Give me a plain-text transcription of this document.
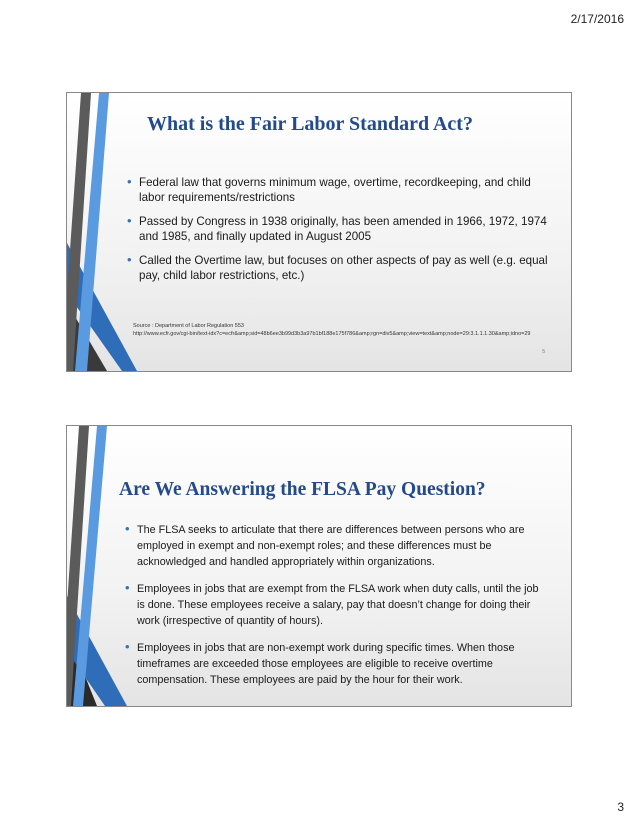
2/17/2016
What is the Fair Labor Standard Act?
• Federal law that governs minimum wage, overtime, recordkeeping, and child labor requirements/restrictions
• Passed by Congress in 1938 originally, has been amended in 1966, 1972, 1974 and 1985, and finally updated in August 2005
• Called the Overtime law, but focuses on other aspects of pay as well (e.g. equal pay, child labor restrictions, etc.)
Source : Department of Labor Regulation 553
http://www.ecfr.gov/cgi-bin/text-idx?c=ecfr&amp;sid=48b6ee3b99d3b3a97b1bf188e175f786&amp;rgn=div5&amp;view=text&amp;node=29:3.1.1.1.30&amp;idno=29
5
Are We Answering the FLSA Pay Question?
• The FLSA seeks to articulate that there are differences between persons who are employed in exempt and non-exempt roles; and these differences must be acknowledged and handled appropriately within organizations.
• Employees in jobs that are exempt from the FLSA work when duty calls, until the job is done. These employees receive a salary, pay that doesn’t change for doing their work (irrespective of quantity of hours).
• Employees in jobs that are non-exempt work during specific times. When those timeframes are exceeded those employees are eligible to receive overtime compensation. These employees are paid by the hour for their work.
3
